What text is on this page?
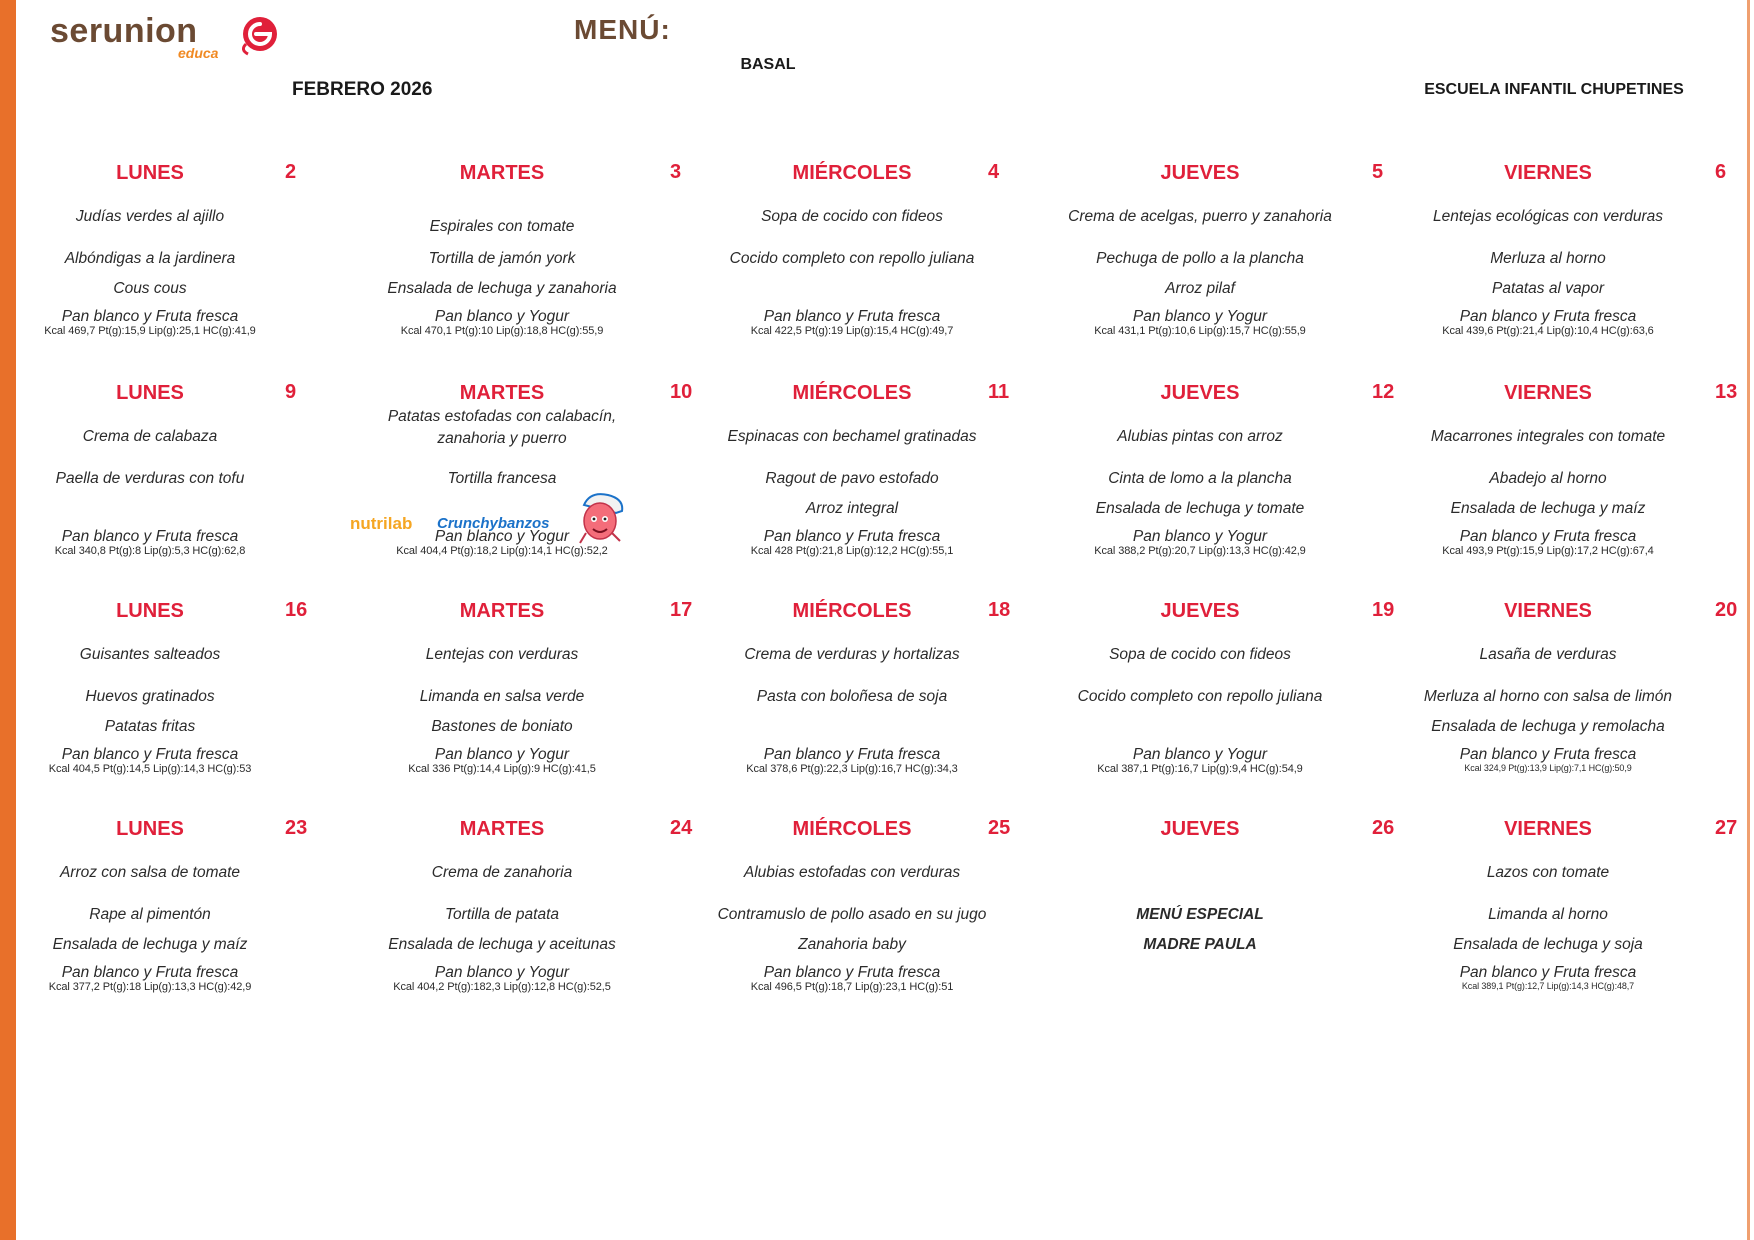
serunion
educa
MENÚ:
BASAL
FEBRERO 2026	ESCUELA INFANTIL CHUPETINES
LUNES	2
Judías verdes al ajillo
Albóndigas a la jardinera
Cous cous
Pan blanco y Fruta fresca
Kcal 469,7 Pt(g):15,9 Lip(g):25,1 HC(g):41,9
MARTES	3
Espirales con tomate
Tortilla de jamón york
Ensalada de lechuga y zanahoria
Pan blanco y Yogur
Kcal 470,1 Pt(g):10 Lip(g):18,8 HC(g):55,9
MIÉRCOLES	4
Sopa de cocido con fideos
Cocido completo con repollo juliana
Pan blanco y Fruta fresca
Kcal 422,5 Pt(g):19 Lip(g):15,4 HC(g):49,7
JUEVES	5
Crema de acelgas, puerro y zanahoria
Pechuga de pollo a la plancha
Arroz pilaf
Pan blanco y Yogur
Kcal 431,1 Pt(g):10,6 Lip(g):15,7 HC(g):55,9
VIERNES	6
Lentejas ecológicas con verduras
Merluza al horno
Patatas al vapor
Pan blanco y Fruta fresca
Kcal 439,6 Pt(g):21,4 Lip(g):10,4 HC(g):63,6
LUNES	9
Crema de calabaza
Paella de verduras con tofu
Pan blanco y Fruta fresca
Kcal 340,8 Pt(g):8 Lip(g):5,3 HC(g):62,8
MARTES	10
Patatas estofadas con calabacín, zanahoria y puerro
Tortilla francesa
Pan blanco y Yogur
Kcal 404,4 Pt(g):18,2 Lip(g):14,1 HC(g):52,2
nutrilab Crunchybanzos
MIÉRCOLES	11
Espinacas con bechamel gratinadas
Ragout de pavo estofado
Arroz integral
Pan blanco y Fruta fresca
Kcal 428 Pt(g):21,8 Lip(g):12,2 HC(g):55,1
JUEVES	12
Alubias pintas con arroz
Cinta de lomo a la plancha
Ensalada de lechuga y tomate
Pan blanco y Yogur
Kcal 388,2 Pt(g):20,7 Lip(g):13,3 HC(g):42,9
VIERNES	13
Macarrones integrales con tomate
Abadejo al horno
Ensalada de lechuga y maíz
Pan blanco y Fruta fresca
Kcal 493,9 Pt(g):15,9 Lip(g):17,2 HC(g):67,4
LUNES	16
Guisantes salteados
Huevos gratinados
Patatas fritas
Pan blanco y Fruta fresca
Kcal 404,5 Pt(g):14,5 Lip(g):14,3 HC(g):53
MARTES	17
Lentejas con verduras
Limanda en salsa verde
Bastones de boniato
Pan blanco y Yogur
Kcal 336 Pt(g):14,4 Lip(g):9 HC(g):41,5
MIÉRCOLES	18
Crema de verduras y hortalizas
Pasta con boloñesa de soja
Pan blanco y Fruta fresca
Kcal 378,6 Pt(g):22,3 Lip(g):16,7 HC(g):34,3
JUEVES	19
Sopa de cocido con fideos
Cocido completo con repollo juliana
Pan blanco y Yogur
Kcal 387,1 Pt(g):16,7 Lip(g):9,4 HC(g):54,9
VIERNES	20
Lasaña de verduras
Merluza al horno con salsa de limón
Ensalada de lechuga y remolacha
Pan blanco y Fruta fresca
Kcal 324,9 Pt(g):13,9 Lip(g):7,1 HC(g):50,9
LUNES	23
Arroz con salsa de tomate
Rape al pimentón
Ensalada de lechuga y maíz
Pan blanco y Fruta fresca
Kcal 377,2 Pt(g):18 Lip(g):13,3 HC(g):42,9
MARTES	24
Crema de zanahoria
Tortilla de patata
Ensalada de lechuga y aceitunas
Pan blanco y Yogur
Kcal 404,2 Pt(g):182,3 Lip(g):12,8 HC(g):52,5
MIÉRCOLES	25
Alubias estofadas con verduras
Contramuslo de pollo asado en su jugo
Zanahoria baby
Pan blanco y Fruta fresca
Kcal 496,5 Pt(g):18,7 Lip(g):23,1 HC(g):51
JUEVES	26
MENÚ ESPECIAL
MADRE PAULA
VIERNES	27
Lazos con tomate
Limanda al horno
Ensalada de lechuga y soja
Pan blanco y Fruta fresca
Kcal 389,1 Pt(g):12,7 Lip(g):14,3 HC(g):48,7
